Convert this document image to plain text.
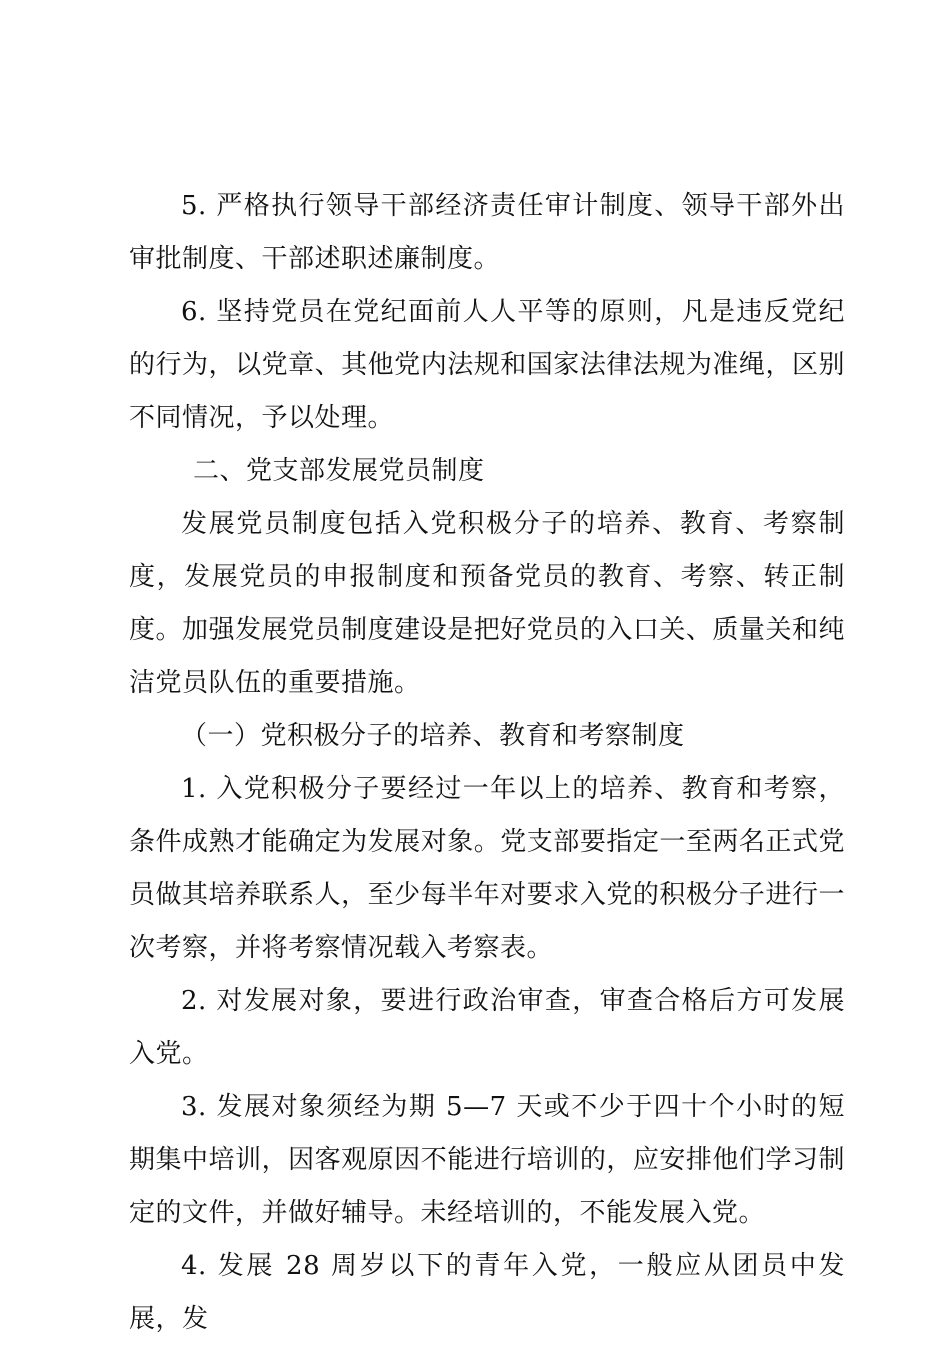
5. 严格执行领导干部经济责任审计制度、领导干部外出审批制度、干部述职述廉制度。

6. 坚持党员在党纪面前人人平等的原则，凡是违反党纪的行为，以党章、其他党内法规和国家法律法规为准绳，区别不同情况，予以处理。

二、党支部发展党员制度

发展党员制度包括入党积极分子的培养、教育、考察制度，发展党员的申报制度和预备党员的教育、考察、转正制度。加强发展党员制度建设是把好党员的入口关、质量关和纯洁党员队伍的重要措施。

（一）党积极分子的培养、教育和考察制度

1. 入党积极分子要经过一年以上的培养、教育和考察，条件成熟才能确定为发展对象。党支部要指定一至两名正式党员做其培养联系人，至少每半年对要求入党的积极分子进行一次考察，并将考察情况载入考察表。

2. 对发展对象，要进行政治审查，审查合格后方可发展入党。

3. 发展对象须经为期 5—7 天或不少于四十个小时的短期集中培训，因客观原因不能进行培训的，应安排他们学习制定的文件，并做好辅导。未经培训的，不能发展入党。

4. 发展 28 周岁以下的青年入党，一般应从团员中发展，发
